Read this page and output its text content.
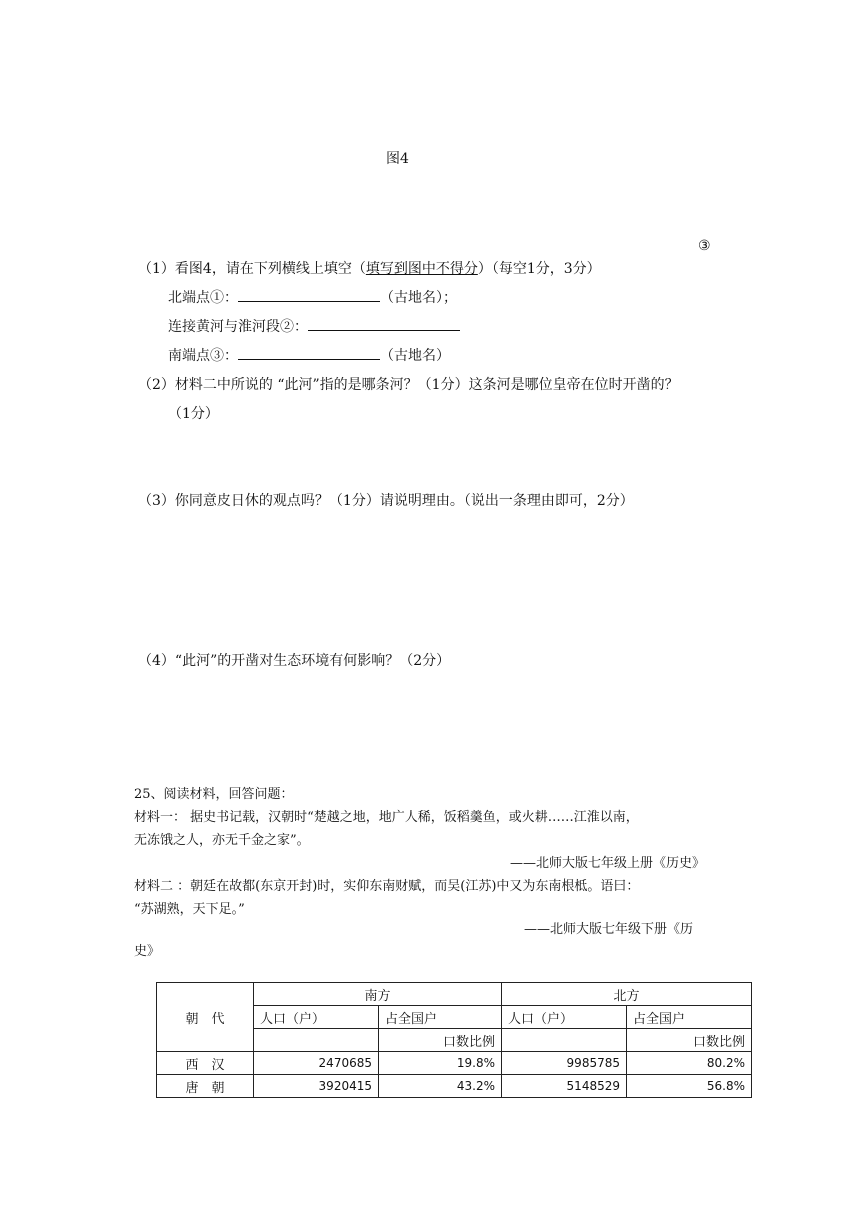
图4
③
（1）看图4，请在下列横线上填空（填写到图中不得分）（每空1分，3分）
北端点①：	（古地名）；
连接黄河与淮河段②：
南端点③：	（古地名）
（2）材料二中所说的 “此河”指的是哪条河？（1分）这条河是哪位皇帝在位时开凿的？
（1分）
（3）你同意皮日休的观点吗？（1分）请说明理由。（说出一条理由即可，2分）
（4）“此河”的开凿对生态环境有何影响？（2分）
25、阅读材料，回答问题：
材料一： 据史书记载，汉朝时“楚越之地，地广人稀，饭稻羹鱼，或火耕……江淮以南，
无冻饿之人，亦无千金之家”。
——北师大版七年级上册《历史》
材料二 ：朝廷在故都(东京开封)时，实仰东南财赋，而吴(江苏)中又为东南根柢。语曰：
“苏湖熟，天下足。”
——北师大版七年级下册《历
史》
朝　代	南方		北方	
	人口（户）	占全国户	人口（户）	占全国户
		口数比例		口数比例
西　汉	2470685	19.8%	9985785	80.2%
唐　朝	3920415	43.2%	5148529	56.8%
